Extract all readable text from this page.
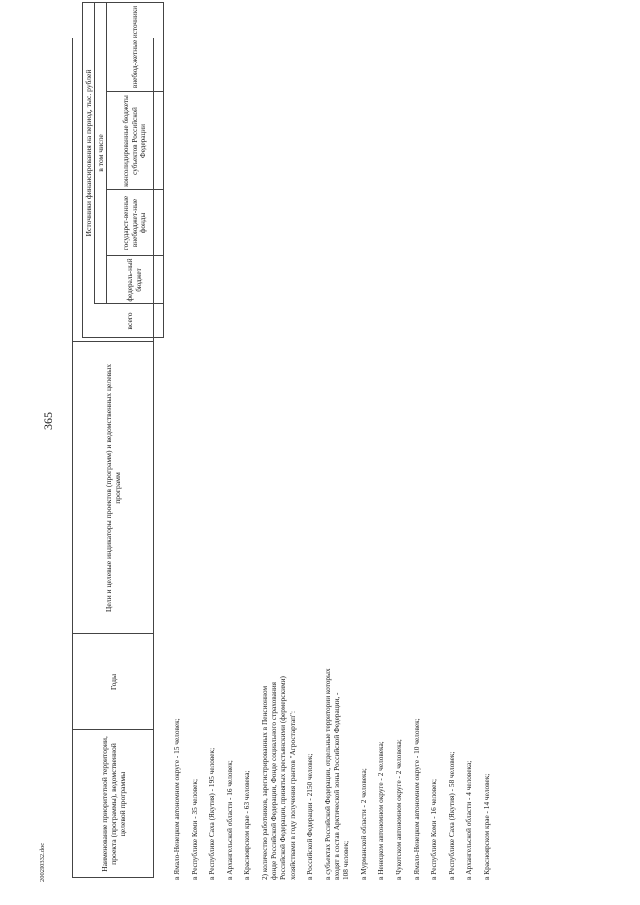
365
2002I0332.doc	Наименование приоритетной территории, проекта (программы), ведомственной целевой программы
Годы
Цели и целевые индикаторы проектов (программ) и ведомственных целевых программ
Источники финансирования на период, тыс. рублей
всего
в том числе
федераль-ный бюджет
государст-венные внебюджет-ные фонды
консолидированные бюджеты субъектов Российской Федерации
внебюд-жетные источники
в Ямало-Ненецком автономном округе - 15 человек; в Республике Коми - 35 человек; в Республике Саха (Якутия) - 195 человек; в Архангельской области - 16 человек; в Красноярском крае - 63 человека; 2) количество работников, зарегистрированных в Пенсионном фонде Российской Федерации, Фонде социального страхования Российской Федерации, принятых крестьянскими (фермерскими) хозяйствами в году получения грантов "Агростартап": в Российской Федерации - 2150 человек; в субъектах Российской Федерации, отдельные территории которых входят в состав Арктической зоны Российской Федерации, - 108 человек; в Мурманской области - 2 человека; в Ненецком автономном округе - 2 человека; в Чукотском автономном округе - 2 человека; в Ямало-Ненецком автономном округе - 10 человек; в Республике Коми - 16 человек; в Республике Саха (Якутия) - 58 человек; в Архангельской области - 4 человека; в Красноярском крае - 14 человек;
